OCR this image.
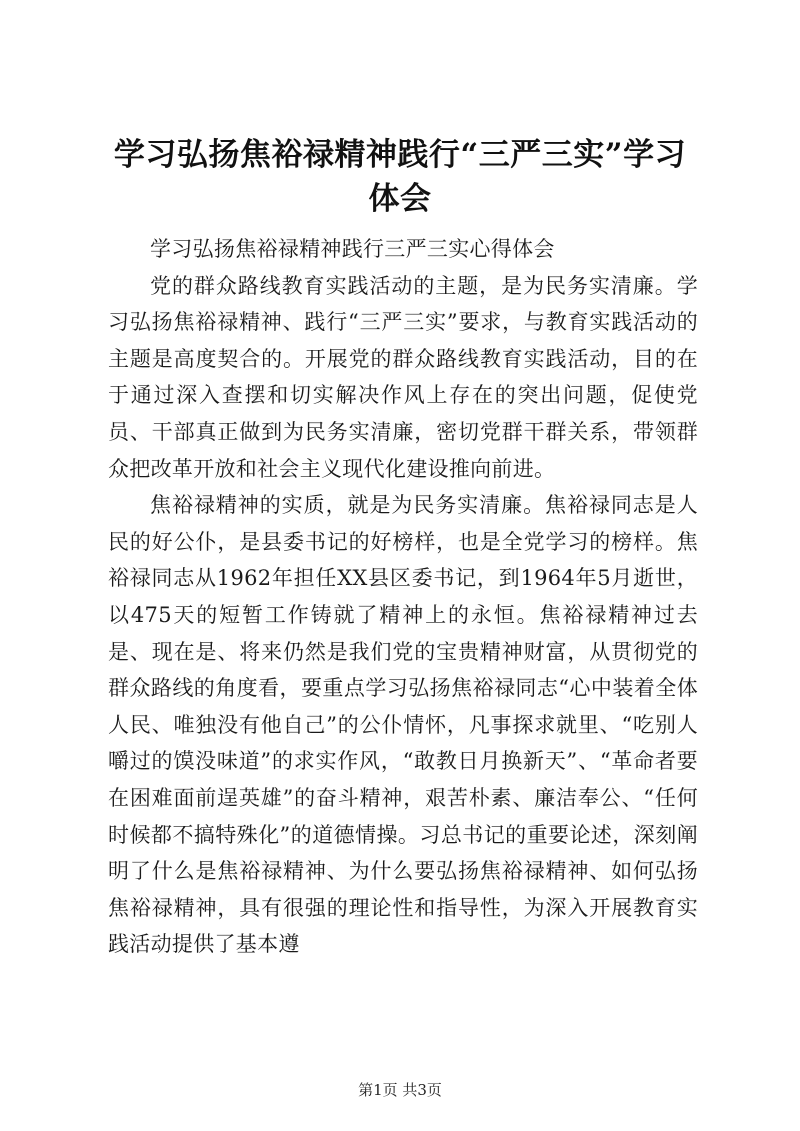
学习弘扬焦裕禄精神践行“三严三实”学习体会

学习弘扬焦裕禄精神践行三严三实心得体会

党的群众路线教育实践活动的主题，是为民务实清廉。学习弘扬焦裕禄精神、践行“三严三实”要求，与教育实践活动的主题是高度契合的。开展党的群众路线教育实践活动，目的在于通过深入查摆和切实解决作风上存在的突出问题，促使党员、干部真正做到为民务实清廉，密切党群干群关系，带领群众把改革开放和社会主义现代化建设推向前进。

焦裕禄精神的实质，就是为民务实清廉。焦裕禄同志是人民的好公仆，是县委书记的好榜样，也是全党学习的榜样。焦裕禄同志从1962年担任XX县区委书记，到1964年5月逝世，以475天的短暂工作铸就了精神上的永恒。焦裕禄精神过去是、现在是、将来仍然是我们党的宝贵精神财富，从贯彻党的群众路线的角度看，要重点学习弘扬焦裕禄同志“心中装着全体人民、唯独没有他自己”的公仆情怀，凡事探求就里、“吃别人嚼过的馍没味道”的求实作风，“敢教日月换新天”、“革命者要在困难面前逞英雄”的奋斗精神，艰苦朴素、廉洁奉公、“任何时候都不搞特殊化”的道德情操。习总书记的重要论述，深刻阐明了什么是焦裕禄精神、为什么要弘扬焦裕禄精神、如何弘扬焦裕禄精神，具有很强的理论性和指导性，为深入开展教育实践活动提供了基本遵

第1页 共3页
